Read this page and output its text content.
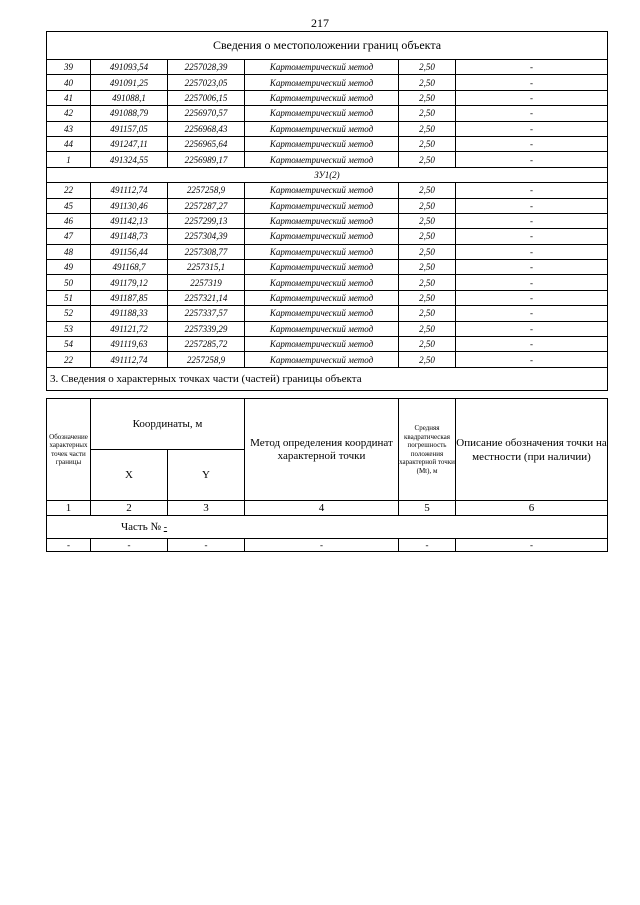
217
Сведения о местоположении границ объекта					
39	491093,54	2257028,39	Картометрический метод	2,50	-
40	491091,25	2257023,05	Картометрический метод	2,50	-
41	491088,1	2257006,15	Картометрический метод	2,50	-
42	491088,79	2256970,57	Картометрический метод	2,50	-
43	491157,05	2256968,43	Картометрический метод	2,50	-
44	491247,11	2256965,64	Картометрический метод	2,50	-
1	491324,55	2256989,17	Картометрический метод	2,50	-
ЗУ1(2)					
22	491112,74	2257258,9	Картометрический метод	2,50	-
45	491130,46	2257287,27	Картометрический метод	2,50	-
46	491142,13	2257299,13	Картометрический метод	2,50	-
47	491148,73	2257304,39	Картометрический метод	2,50	-
48	491156,44	2257308,77	Картометрический метод	2,50	-
49	491168,7	2257315,1	Картометрический метод	2,50	-
50	491179,12	2257319	Картометрический метод	2,50	-
51	491187,85	2257321,14	Картометрический метод	2,50	-
52	491188,33	2257337,57	Картометрический метод	2,50	-
53	491121,72	2257339,29	Картометрический метод	2,50	-
54	491119,63	2257285,72	Картометрический метод	2,50	-
22	491112,74	2257258,9	Картометрический метод	2,50	-
3. Сведения о характерных точках части (частей) границы объекта					
Обозначение характерных точек части границы	Координаты, м		Метод определения координат характерной точки	Средняя квадратическая погрешность положения характерной точки (Mt), м	Описание обозначения точки на местности (при наличии)
	X	Y			
1	2	3	4	5	6
Часть № -					
-	-	-	-	-	-
